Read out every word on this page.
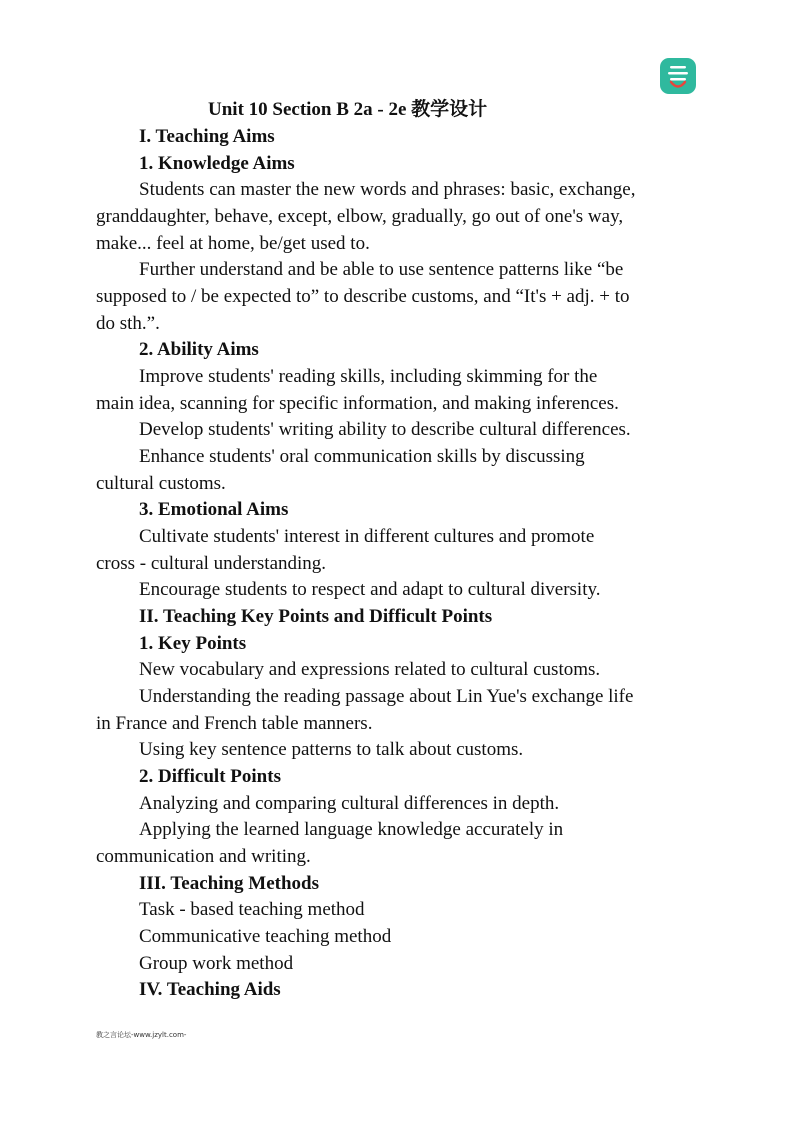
Unit 10 Section B 2a - 2e 教学设计
I. Teaching Aims
1. Knowledge Aims
Students can master the new words and phrases: basic, exchange,
granddaughter, behave, except, elbow, gradually, go out of one's way,
make... feel at home, be/get used to.
Further understand and be able to use sentence patterns like “be
supposed to / be expected to” to describe customs, and “It's + adj. + to
do sth.”.
2. Ability Aims
Improve students' reading skills, including skimming for the
main idea, scanning for specific information, and making inferences.
Develop students' writing ability to describe cultural differences.
Enhance students' oral communication skills by discussing
cultural customs.
3. Emotional Aims
Cultivate students' interest in different cultures and promote
cross - cultural understanding.
Encourage students to respect and adapt to cultural diversity.
II. Teaching Key Points and Difficult Points
1. Key Points
New vocabulary and expressions related to cultural customs.
Understanding the reading passage about Lin Yue's exchange life
in France and French table manners.
Using key sentence patterns to talk about customs.
2. Difficult Points
Analyzing and comparing cultural differences in depth.
Applying the learned language knowledge accurately in
communication and writing.
III. Teaching Methods
Task - based teaching method
Communicative teaching method
Group work method
IV. Teaching Aids
教之言论坛-www.jzylt.com-
